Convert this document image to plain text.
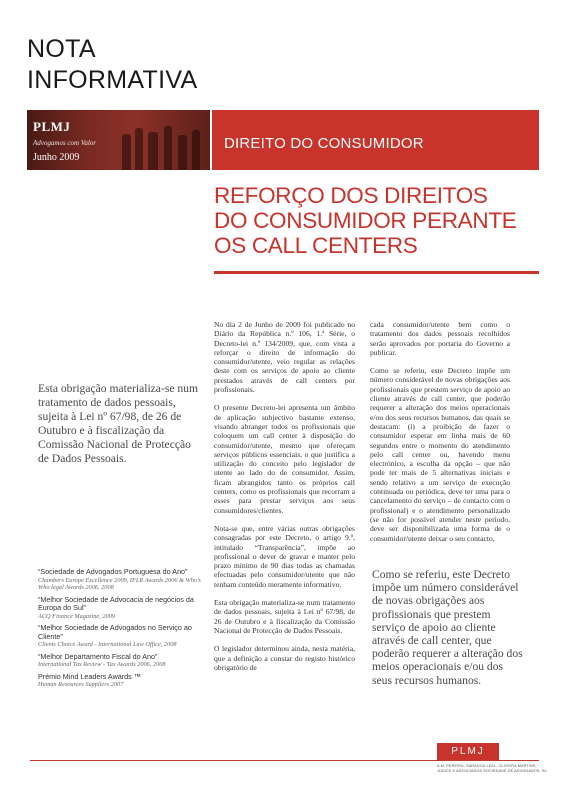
NOTA
INFORMATIVA
PLMJ
Advogamos com Valor
Junho 2009
DIREITO DO CONSUMIDOR
REFORÇO DOS DIREITOS
DO CONSUMIDOR PERANTE
OS CALL CENTERS
Esta obrigação materializa-se num tratamento de dados pessoais, sujeita à Lei nº 67/98, de 26 de Outubro e à fiscalização da Comissão Nacional de Protecção de Dados Pessoais.
“Sociedade de Advogados Portuguesa do Ano”
Chambers Europe Excellence 2009, IFLR Awards 2006 & Who’s Who legal Awards 2006, 2008
“Melhor Sociedade de Advocacia de negócios da Europa do Sul”
ACQ Finance Magazine, 2009
“Melhor Sociedade de Advogados no Serviço ao Cliente”
Clients Choice Award - International Law Office, 2008
“Melhor Departamento Fiscal do Ano”
International Tax Review - Tax Awards 2006, 2008
Prémio Mind Leaders Awards ™
Human Resources Suppliers 2007

No dia 2 de Junho de 2009 foi publicado no Diário da República n.º 106, 1.ª Série, o Decreto-lei n.º 134/2009, que, com vista a reforçar o direito de informação do consumidor/utente, veio regular as relações deste com os serviços de apoio ao cliente prestados através de call centers por profissionais.

O presente Decreto-lei apresenta um âmbito de aplicação subjectivo bastante extenso, visando abranger todos os profissionais que coloquem um call center à disposição do consumidor/utente, mesmo que ofereçam serviços públicos essenciais, o que justifica a utilização do conceito pelo legislador de utente ao lado do de consumidor. Assim, ficam abrangidos tanto os próprios call centers, como os profissionais que recorram a esses para prestar serviços aos seus consumidores/clientes.

Nota-se que, entre várias outras obrigações consagradas por este Decreto, o artigo 9.º, intitulado “Transparência”, impõe ao profissional o dever de gravar e manter pelo prazo mínimo de 90 dias todas as chamadas efectuadas pelo consumidor/utente que não tenham conteúdo meramente informativo.

Esta obrigação materializa-se num tratamento de dados pessoais, sujeita à Lei nº 67/98, de 26 de Outubro e à fiscalização da Comissão Nacional de Protecção de Dados Pessoais.

O legislador determinou ainda, nesta matéria, que a definição a constar do registo histórico obrigatório de

cada consumidor/utente bem como o tratamento dos dados pessoais recolhidos serão aprovados por portaria do Governo a publicar.

Como se referiu, este Decreto impõe um número considerável de novas obrigações aos profissionais que prestem serviço de apoio ao cliente através de call center, que poderão requerer a alteração dos meios operacionais e/ou dos seus recursos humanos, das quais se destacam: (i) a proibição de fazer o consumidor esperar em linha mais de 60 segundos entre o momento do atendimento pelo call center ou, havendo menu electrónico, a escolha da opção – que não pode ter mais de 5 alternativas iniciais e sendo relativo a um serviço de execução continuada ou periódica, deve ter uma para o cancelamento do serviço – de contacto com o profissional) e o atendimento personalizado (se não for possível atender neste período, deve ser disponibilizada uma forma de o consumidor/utente deixar o seu contacto,

Como se referiu, este Decreto impõe um número considerável de novas obrigações aos profissionais que prestem serviço de apoio ao cliente através de call center, que poderão requerer a alteração dos meios operacionais e/ou dos seus recursos humanos.
PLMJ
A.M. PEREIRA, SÁRAGGA LEAL, OLIVEIRA MARTINS, JÚDICE E ASSOCIADOS SOCIEDADE DE ADVOGADOS, RL
